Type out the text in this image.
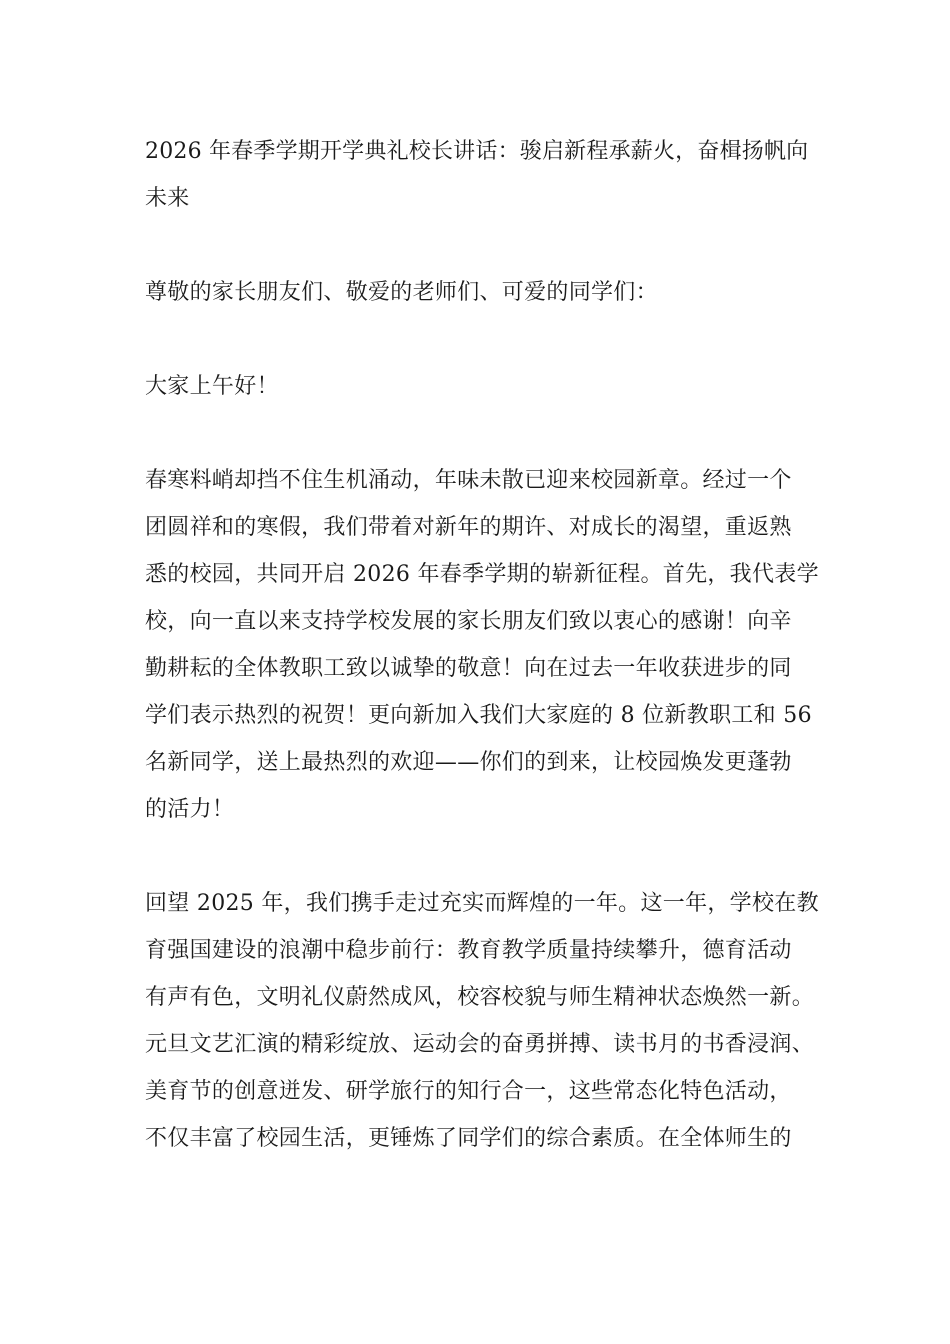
2026 年春季学期开学典礼校长讲话：骏启新程承薪火，奋楫扬帆向
未来

尊敬的家长朋友们、敬爱的老师们、可爱的同学们：

大家上午好！

春寒料峭却挡不住生机涌动，年味未散已迎来校园新章。经过一个
团圆祥和的寒假，我们带着对新年的期许、对成长的渴望，重返熟
悉的校园，共同开启 2026 年春季学期的崭新征程。首先，我代表学
校，向一直以来支持学校发展的家长朋友们致以衷心的感谢！向辛
勤耕耘的全体教职工致以诚挚的敬意！向在过去一年收获进步的同
学们表示热烈的祝贺！更向新加入我们大家庭的 8 位新教职工和 56
名新同学，送上最热烈的欢迎——你们的到来，让校园焕发更蓬勃
的活力！

回望 2025 年，我们携手走过充实而辉煌的一年。这一年，学校在教
育强国建设的浪潮中稳步前行：教育教学质量持续攀升，德育活动
有声有色，文明礼仪蔚然成风，校容校貌与师生精神状态焕然一新。
元旦文艺汇演的精彩绽放、运动会的奋勇拼搏、读书月的书香浸润、
美育节的创意迸发、研学旅行的知行合一，这些常态化特色活动，
不仅丰富了校园生活，更锤炼了同学们的综合素质。在全体师生的
